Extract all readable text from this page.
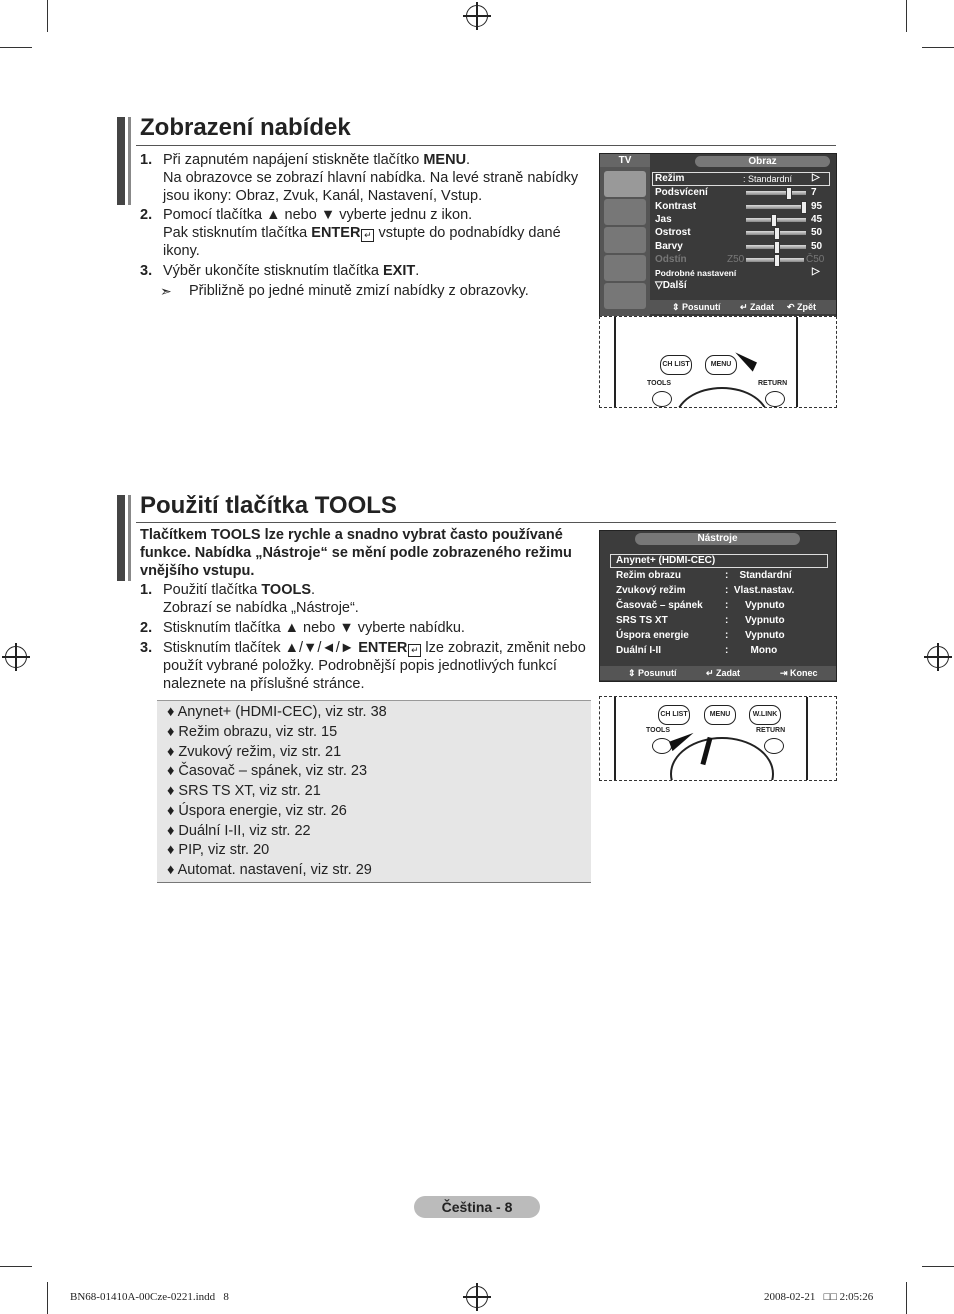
Zobrazení nabídek
1. Při zapnutém napájení stiskněte tlačítko MENU.
Na obrazovce se zobrazí hlavní nabídka. Na levé straně nabídky
jsou ikony: Obraz, Zvuk, Kanál, Nastavení, Vstup.
2. Pomocí tlačítka ▲ nebo ▼ vyberte jednu z ikon.
Pak stisknutím tlačítka ENTER ↵ vstupte do podnabídky dané
ikony.
3. Výběr ukončíte stisknutím tlačítka EXIT.
➣ Přibližně po jedné minutě zmizí nabídky z obrazovky.
TV	Obraz
Režim	: Standardní ▷
Podsvícení
Kontrast
Jas
Ostrost
Barvy
7
95
45
50
50
Odstín	Z50	Č50
Podrobné nastavení	▷
▽Další
⇕ Posunutí ↵ Zadat ↶ Zpět
CH LIST	MENU
TOOLS	RETURN
Použití tlačítka TOOLS
Tlačítkem TOOLS lze rychle a snadno vybrat často používané
funkce. Nabídka „Nástroje“ se mění podle zobrazeného režimu
vnějšího vstupu.
1. Použití tlačítka TOOLS.
Zobrazí se nabídka „Nástroje“.
2. Stisknutím tlačítka ▲ nebo ▼ vyberte nabídku.
3. Stisknutím tlačítek ▲/▼/◄/► ENTER ↵ lze zobrazit, změnit nebo
použít vybrané položky. Podrobnější popis jednotlivých funkcí
naleznete na příslušné stránce.
♦ Anynet+ (HDMI-CEC), viz str. 38
♦ Režim obrazu, viz str. 15
♦ Zvukový režim, viz str. 21
♦ Časovač – spánek, viz str. 23
♦ SRS TS XT, viz str. 21
♦ Úspora energie, viz str. 26
♦ Duální I-II, viz str. 22
♦ PIP, viz str. 20
♦ Automat. nastavení, viz str. 29
Nástroje
Anynet+ (HDMI-CEC)
Režim obrazu
Zvukový režim
Časovač – spánek
SRS TS XT
Úspora energie
Duální I-II
:    Standardní
:  Vlast.nastav.
:      Vypnuto
:      Vypnuto
:      Vypnuto
:        Mono
⇕ Posunutí	↵ Zadat	⇥ Konec
CH LIST	MENU	W.LINK
TOOLS	RETURN
Čeština - 8
BN68-01410A-00Cze-0221.indd   8	2008-02-21   □□ 2:05:26
